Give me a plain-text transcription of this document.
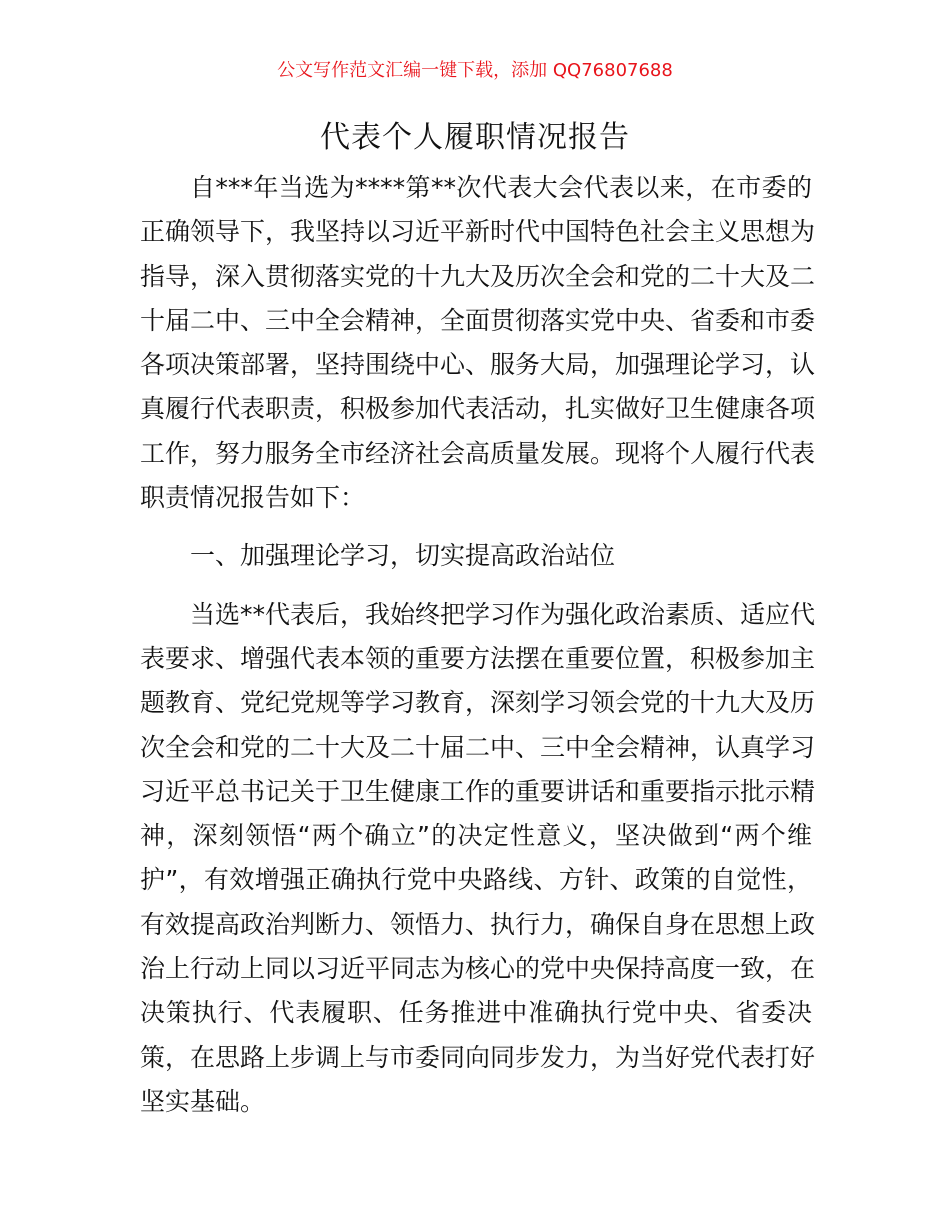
公文写作范文汇编一键下载，添加 QQ76807688
代表个人履职情况报告
自***年当选为****第**次代表大会代表以来，在市委的
正确领导下，我坚持以习近平新时代中国特色社会主义思想为
指导，深入贯彻落实党的十九大及历次全会和党的二十大及二
十届二中、三中全会精神，全面贯彻落实党中央、省委和市委
各项决策部署，坚持围绕中心、服务大局，加强理论学习，认
真履行代表职责，积极参加代表活动，扎实做好卫生健康各项
工作，努力服务全市经济社会高质量发展。现将个人履行代表
职责情况报告如下：
一、加强理论学习，切实提高政治站位
当选**代表后，我始终把学习作为强化政治素质、适应代
表要求、增强代表本领的重要方法摆在重要位置，积极参加主
题教育、党纪党规等学习教育，深刻学习领会党的十九大及历
次全会和党的二十大及二十届二中、三中全会精神，认真学习
习近平总书记关于卫生健康工作的重要讲话和重要指示批示精
神，深刻领悟“两个确立”的决定性意义，坚决做到“两个维
护”，有效增强正确执行党中央路线、方针、政策的自觉性，
有效提高政治判断力、领悟力、执行力，确保自身在思想上政
治上行动上同以习近平同志为核心的党中央保持高度一致，在
决策执行、代表履职、任务推进中准确执行党中央、省委决
策，在思路上步调上与市委同向同步发力，为当好党代表打好
坚实基础。
